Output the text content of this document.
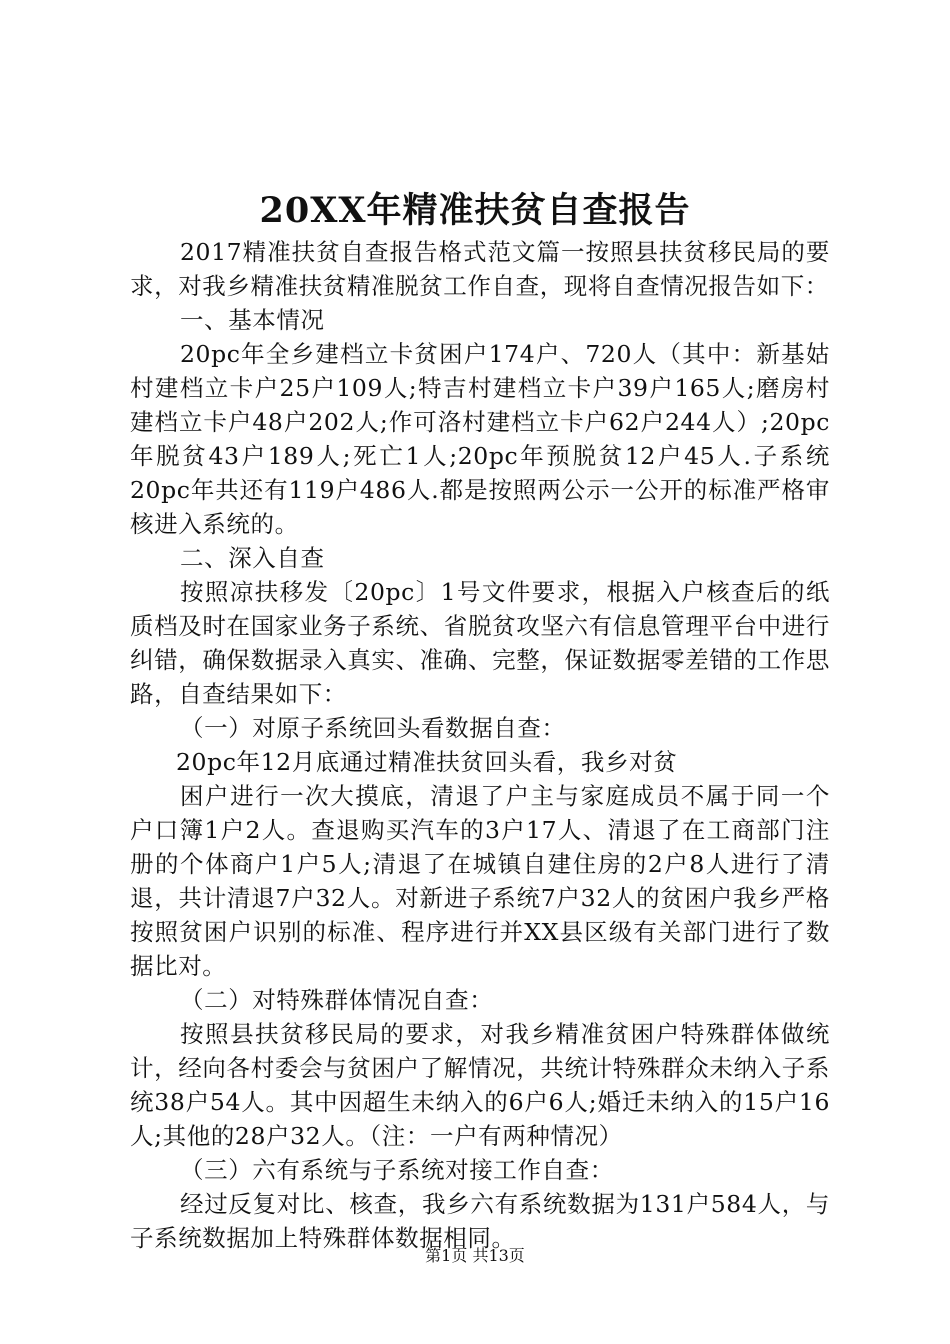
20XX年精准扶贫自查报告

2017精准扶贫自查报告格式范文篇一按照县扶贫移民局的要求，对我乡精准扶贫精准脱贫工作自查，现将自查情况报告如下：

一、基本情况

20pc年全乡建档立卡贫困户174户、720人（其中：新基姑村建档立卡户25户109人;特吉村建档立卡户39户165人;磨房村建档立卡户48户202人;作可洛村建档立卡户62户244人）;20pc年脱贫43户189人;死亡1人;20pc年预脱贫12户45人.子系统20pc年共还有119户486人.都是按照两公示一公开的标准严格审核进入系统的。

二、深入自查

按照凉扶移发〔20pc〕1号文件要求，根据入户核查后的纸质档及时在国家业务子系统、省脱贫攻坚六有信息管理平台中进行纠错，确保数据录入真实、准确、完整，保证数据零差错的工作思路，自查结果如下：

（一）对原子系统回头看数据自查：

20pc年12月底通过精准扶贫回头看，我乡对贫

困户进行一次大摸底，清退了户主与家庭成员不属于同一个户口簿1户2人。查退购买汽车的3户17人、清退了在工商部门注册的个体商户1户5人;清退了在城镇自建住房的2户8人进行了清退，共计清退7户32人。对新进子系统7户32人的贫困户我乡严格按照贫困户识别的标准、程序进行并XX县区级有关部门进行了数据比对。

（二）对特殊群体情况自查：

按照县扶贫移民局的要求，对我乡精准贫困户特殊群体做统计，经向各村委会与贫困户了解情况，共统计特殊群众未纳入子系统38户54人。其中因超生未纳入的6户6人;婚迁未纳入的15户16人;其他的28户32人。（注：一户有两种情况）

（三）六有系统与子系统对接工作自查：

经过反复对比、核查，我乡六有系统数据为131户584人，与子系统数据加上特殊群体数据相同。

第1页 共13页
